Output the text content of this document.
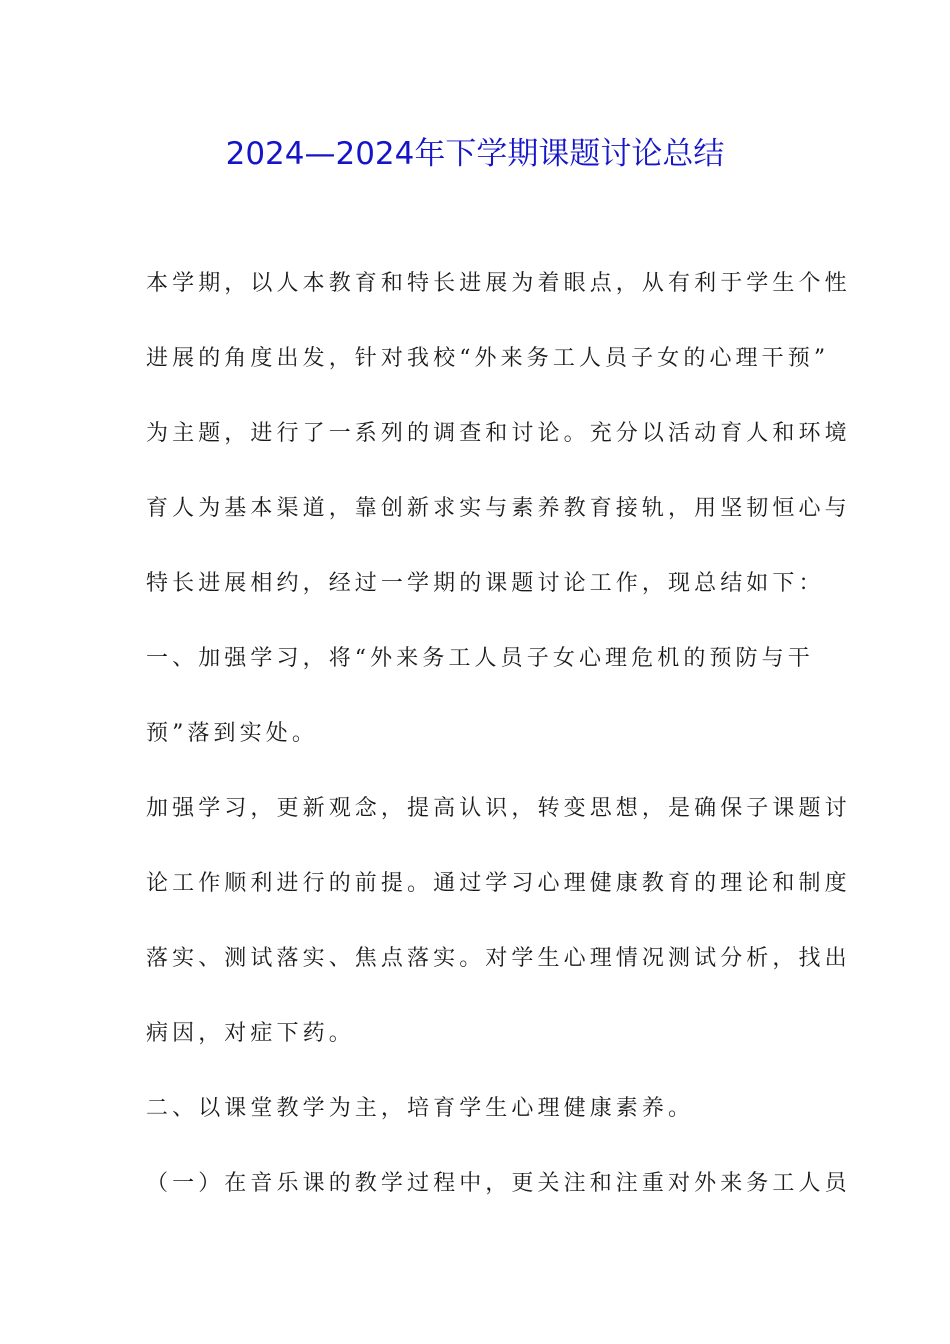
2024—2024年下学期课题讨论总结
本学期，以人本教育和特长进展为着眼点，从有利于学生个性
进展的角度出发，针对我校“外来务工人员子女的心理干预”
为主题，进行了一系列的调查和讨论。充分以活动育人和环境
育人为基本渠道，靠创新求实与素养教育接轨，用坚韧恒心与
特长进展相约，经过一学期的课题讨论工作，现总结如下：
一、加强学习，将“外来务工人员子女心理危机的预防与干
预”落到实处。
加强学习，更新观念，提高认识，转变思想，是确保子课题讨
论工作顺利进行的前提。通过学习心理健康教育的理论和制度
落实、测试落实、焦点落实。对学生心理情况测试分析，找出
病因，对症下药。
二、以课堂教学为主，培育学生心理健康素养。
（一）在音乐课的教学过程中，更关注和注重对外来务工人员
